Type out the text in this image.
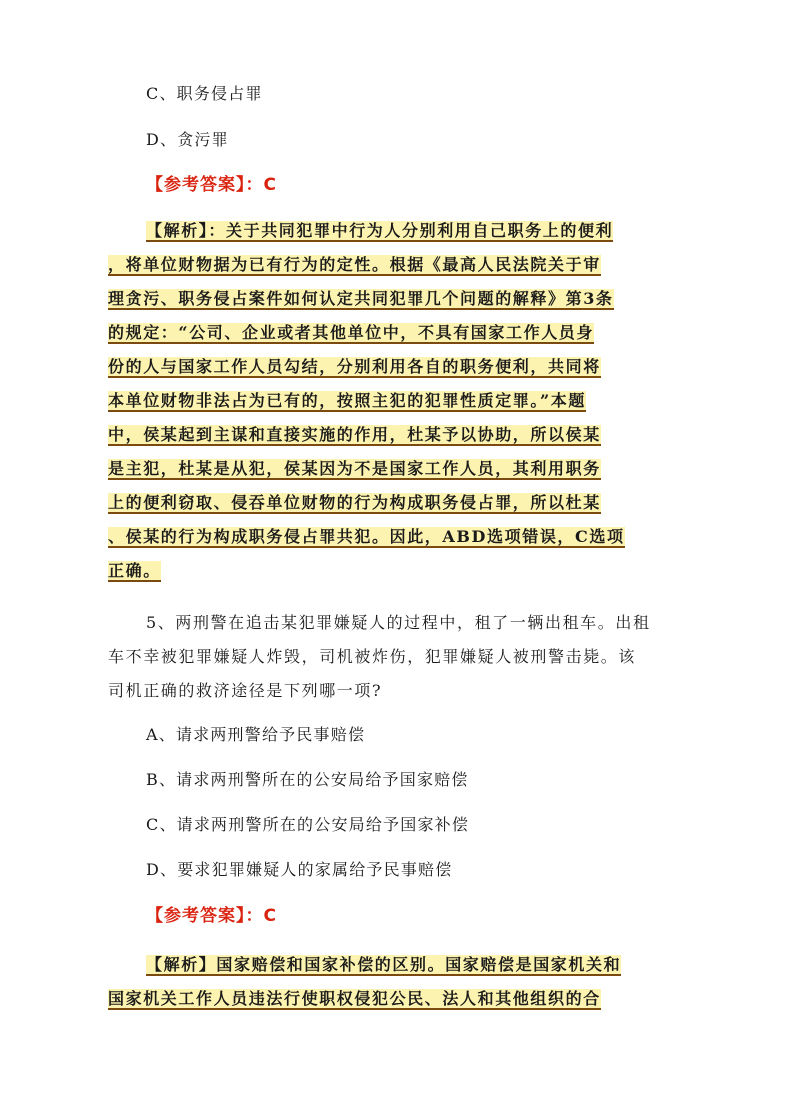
C、职务侵占罪
D、贪污罪
【参考答案】：C
【解析】：关于共同犯罪中行为人分别利用自己职务上的便利
，将单位财物据为已有行为的定性。根据《最高人民法院关于审
理贪污、职务侵占案件如何认定共同犯罪几个问题的解释》第3条
的规定：“公司、企业或者其他单位中，不具有国家工作人员身
份的人与国家工作人员勾结，分别利用各自的职务便利，共同将
本单位财物非法占为已有的，按照主犯的犯罪性质定罪。”本题
中，侯某起到主谋和直接实施的作用，杜某予以协助，所以侯某
是主犯，杜某是从犯，侯某因为不是国家工作人员，其利用职务
上的便利窃取、侵吞单位财物的行为构成职务侵占罪，所以杜某
、侯某的行为构成职务侵占罪共犯。因此，ABD选项错误，C选项
正确。
5、两刑警在追击某犯罪嫌疑人的过程中，租了一辆出租车。出租
车不幸被犯罪嫌疑人炸毁，司机被炸伤，犯罪嫌疑人被刑警击毙。该
司机正确的救济途径是下列哪一项?
A、请求两刑警给予民事赔偿
B、请求两刑警所在的公安局给予国家赔偿
C、请求两刑警所在的公安局给予国家补偿
D、要求犯罪嫌疑人的家属给予民事赔偿
【参考答案】：C
【解析】国家赔偿和国家补偿的区别。国家赔偿是国家机关和
国家机关工作人员违法行使职权侵犯公民、法人和其他组织的合
